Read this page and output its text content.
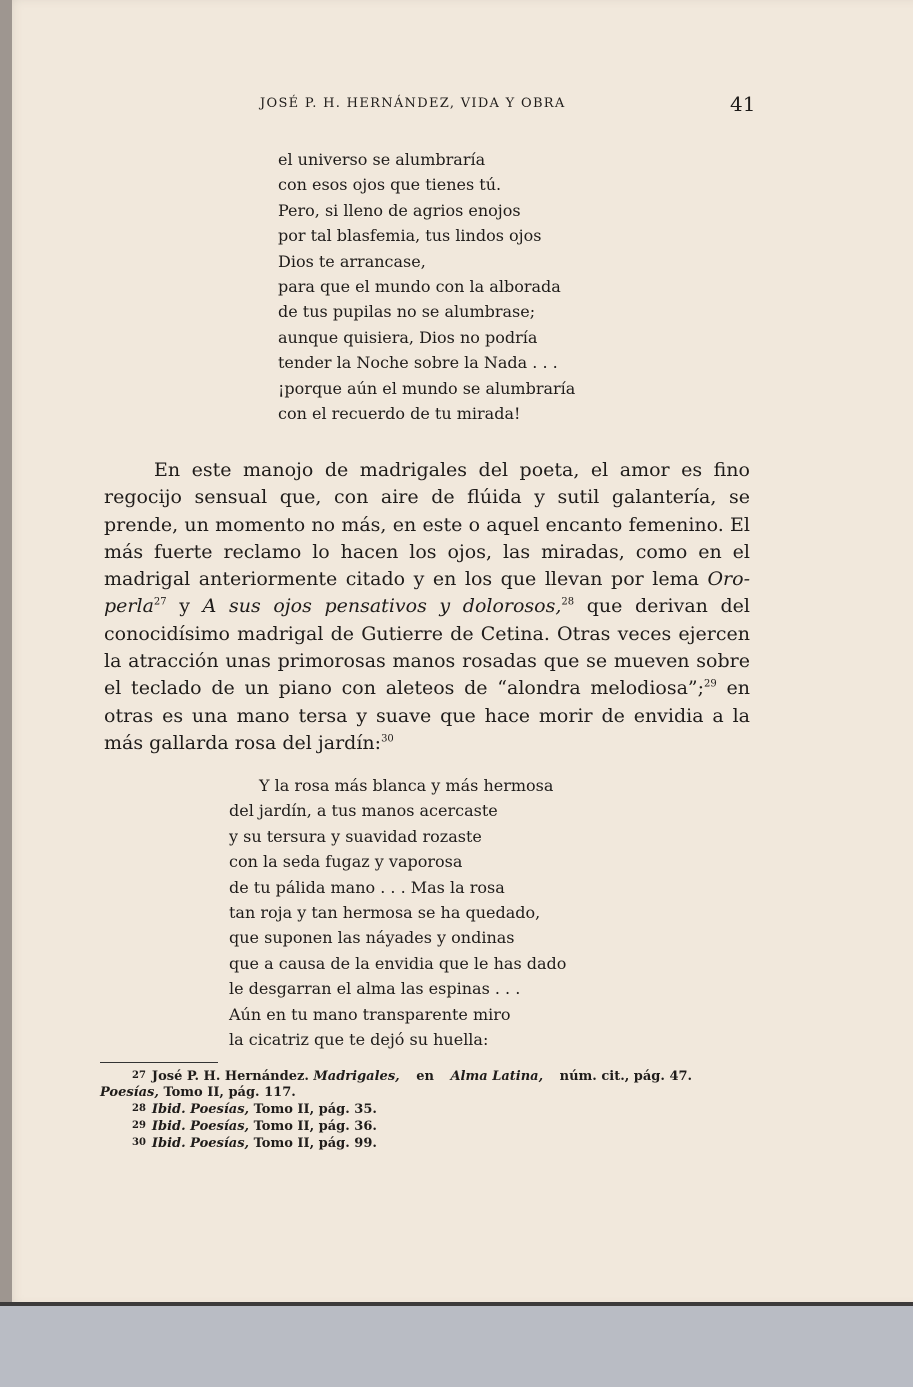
JOSÉ P. H. HERNÁNDEZ, VIDA Y OBRA	41
el universo se alumbraría
con esos ojos que tienes tú.
Pero, si lleno de agrios enojos
por tal blasfemia, tus lindos ojos
Dios te arrancase,
para que el mundo con la alborada
de tus pupilas no se alumbrase;
aunque quisiera, Dios no podría
tender la Noche sobre la Nada . . .
¡porque aún el mundo se alumbraría
con el recuerdo de tu mirada!

En este manojo de madrigales del poeta, el amor es fino regocijo sensual que, con aire de flúida y sutil galantería, se prende, un momento no más, en este o aquel encanto femenino. El más fuerte reclamo lo hacen los ojos, las miradas, como en el madrigal anteriormente citado y en los que llevan por lema Oro-perla$^{27}$ y A sus ojos pensativos y dolorosos,$^{28}$ que derivan del conocidísimo madrigal de Gutierre de Cetina. Otras veces ejercen la atracción unas primorosas manos rosadas que se mueven sobre el teclado de un piano con aleteos de “alondra melodiosa”;$^{29}$ en otras es una mano tersa y suave que hace morir de envidia a la más gallarda rosa del jardín:$^{30}$

Y la rosa más blanca y más hermosa
del jardín, a tus manos acercaste
y su tersura y suavidad rozaste
con la seda fugaz y vaporosa
de tu pálida mano . . . Mas la rosa
tan roja y tan hermosa se ha quedado,
que suponen las náyades y ondinas
que a causa de la envidia que le has dado
le desgarran el alma las espinas . . .
Aún en tu mano transparente miro
la cicatriz que te dejó su huella:
27 José P. H. Hernández. Madrigales, en Alma Latina, núm. cit., pág. 47.
Poesías, Tomo II, pág. 117.
28 Ibid. Poesías, Tomo II, pág. 35.
29 Ibid. Poesías, Tomo II, pág. 36.
30 Ibid. Poesías, Tomo II, pág. 99.
